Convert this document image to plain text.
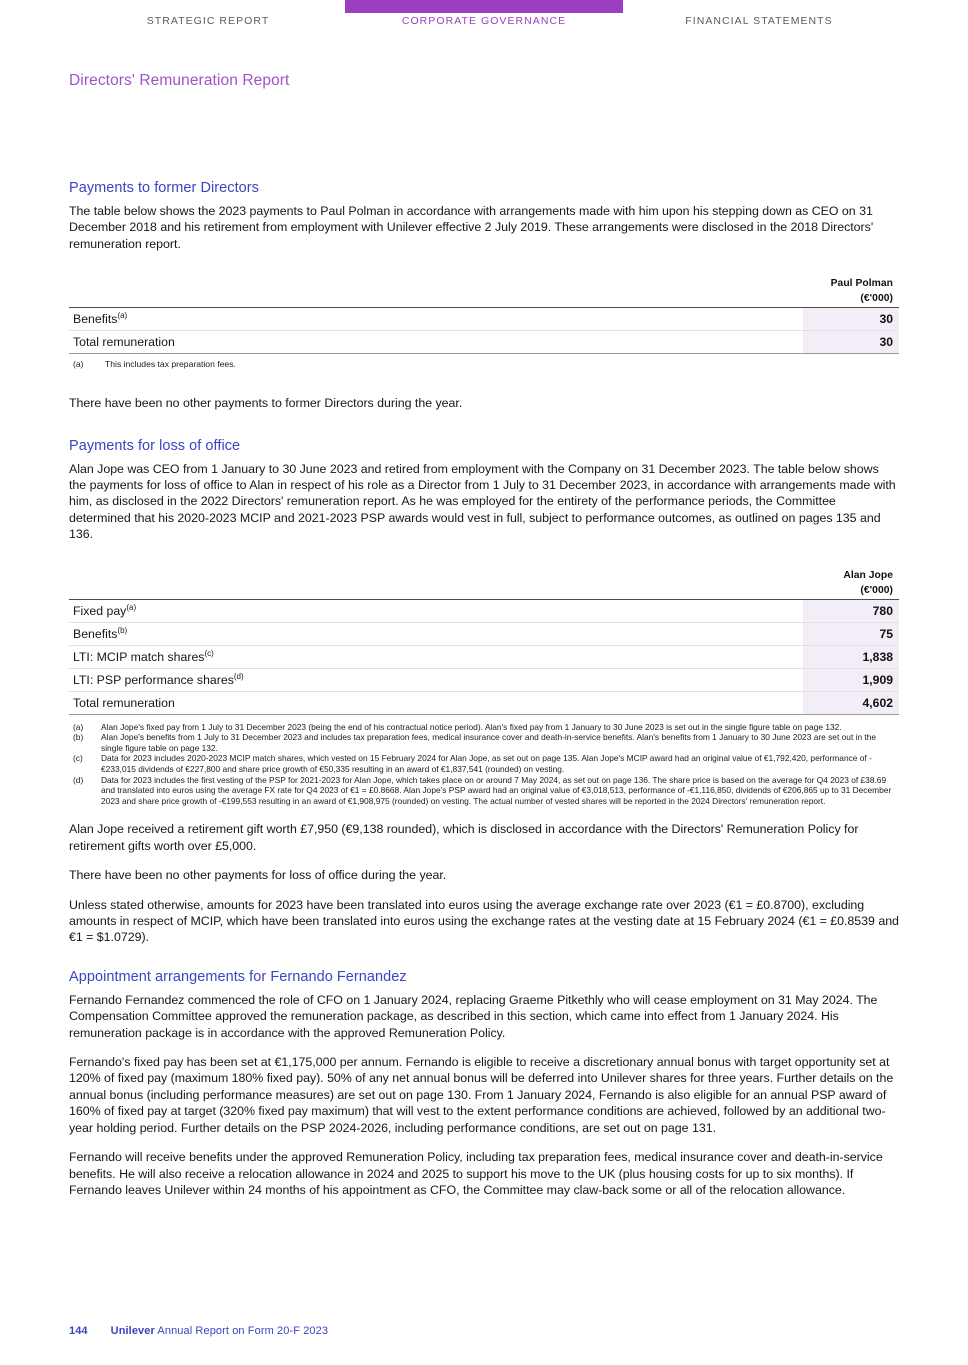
STRATEGIC REPORT	CORPORATE GOVERNANCE	FINANCIAL STATEMENTS
Directors' Remuneration Report
Payments to former Directors

The table below shows the 2023 payments to Paul Polman in accordance with arrangements made with him upon his stepping down as CEO on 31 December 2018 and his retirement from employment with Unilever effective 2 July 2019. These arrangements were disclosed in the 2018 Directors' remuneration report.

	Paul Polman
	(€'000)
Benefits$^{(a)}$	30
Total remuneration	30
(a)	This includes tax preparation fees.

There have been no other payments to former Directors during the year.

Payments for loss of office

Alan Jope was CEO from 1 January to 30 June 2023 and retired from employment with the Company on 31 December 2023. The table below shows the payments for loss of office to Alan in respect of his role as a Director from 1 July to 31 December 2023, in accordance with arrangements made with him, as disclosed in the 2022 Directors' remuneration report. As he was employed for the entirety of the performance periods, the Committee determined that his 2020-2023 MCIP and 2021-2023 PSP awards would vest in full, subject to performance outcomes, as outlined on pages 135 and 136.

	Alan Jope
	(€'000)
Fixed pay$^{(a)}$	780
Benefits$^{(b)}$	75
LTI: MCIP match shares$^{(c)}$	1,838
LTI: PSP performance shares$^{(d)}$	1,909
Total remuneration	4,602
(a)	Alan Jope's fixed pay from 1 July to 31 December 2023 (being the end of his contractual notice period). Alan's fixed pay from 1 January to 30 June 2023 is set out in the single figure table on page 132.
(b)	Alan Jope's benefits from 1 July to 31 December 2023 and includes tax preparation fees, medical insurance cover and death-in-service benefits. Alan's benefits from 1 January to 30 June 2023 are set out in the single figure table on page 132.
(c)	Data for 2023 includes 2020-2023 MCIP match shares, which vested on 15 February 2024 for Alan Jope, as set out on page 135. Alan Jope's MCIP award had an original value of €1,792,420, performance of -€233,015 dividends of €227,800 and share price growth of €50,335 resulting in an award of €1,837,541 (rounded) on vesting.
(d)	Data for 2023 includes the first vesting of the PSP for 2021-2023 for Alan Jope, which takes place on or around 7 May 2024, as set out on page 136. The share price is based on the average for Q4 2023 of £38.69 and translated into euros using the average FX rate for Q4 2023 of €1 = £0.8668. Alan Jope's PSP award had an original value of €3,018,513, performance of -€1,116,850, dividends of €206,865 up to 31 December 2023 and share price growth of -€199,553 resulting in an award of €1,908,975 (rounded) on vesting. The actual number of vested shares will be reported in the 2024 Directors' remuneration report.

Alan Jope received a retirement gift worth £7,950 (€9,138 rounded), which is disclosed in accordance with the Directors' Remuneration Policy for retirement gifts worth over £5,000.

There have been no other payments for loss of office during the year.

Unless stated otherwise, amounts for 2023 have been translated into euros using the average exchange rate over 2023 (€1 = £0.8700), excluding amounts in respect of MCIP, which have been translated into euros using the exchange rates at the vesting date at 15 February 2024 (€1 = £0.8539 and €1 = $1.0729).

Appointment arrangements for Fernando Fernandez

Fernando Fernandez commenced the role of CFO on 1 January 2024, replacing Graeme Pitkethly who will cease employment on 31 May 2024. The Compensation Committee approved the remuneration package, as described in this section, which came into effect from 1 January 2024. His remuneration package is in accordance with the approved Remuneration Policy.

Fernando's fixed pay has been set at €1,175,000 per annum. Fernando is eligible to receive a discretionary annual bonus with target opportunity set at 120% of fixed pay (maximum 180% fixed pay). 50% of any net annual bonus will be deferred into Unilever shares for three years. Further details on the annual bonus (including performance measures) are set out on page 130. From 1 January 2024, Fernando is also eligible for an annual PSP award of 160% of fixed pay at target (320% fixed pay maximum) that will vest to the extent performance conditions are achieved, followed by an additional two-year holding period. Further details on the PSP 2024-2026, including performance conditions, are set out on page 131.

Fernando will receive benefits under the approved Remuneration Policy, including tax preparation fees, medical insurance cover and death-in-service benefits. He will also receive a relocation allowance in 2024 and 2025 to support his move to the UK (plus housing costs for up to six months). If Fernando leaves Unilever within 24 months of his appointment as CFO, the Committee may claw-back some or all of the relocation allowance.

144 Unilever Annual Report on Form 20-F 2023
